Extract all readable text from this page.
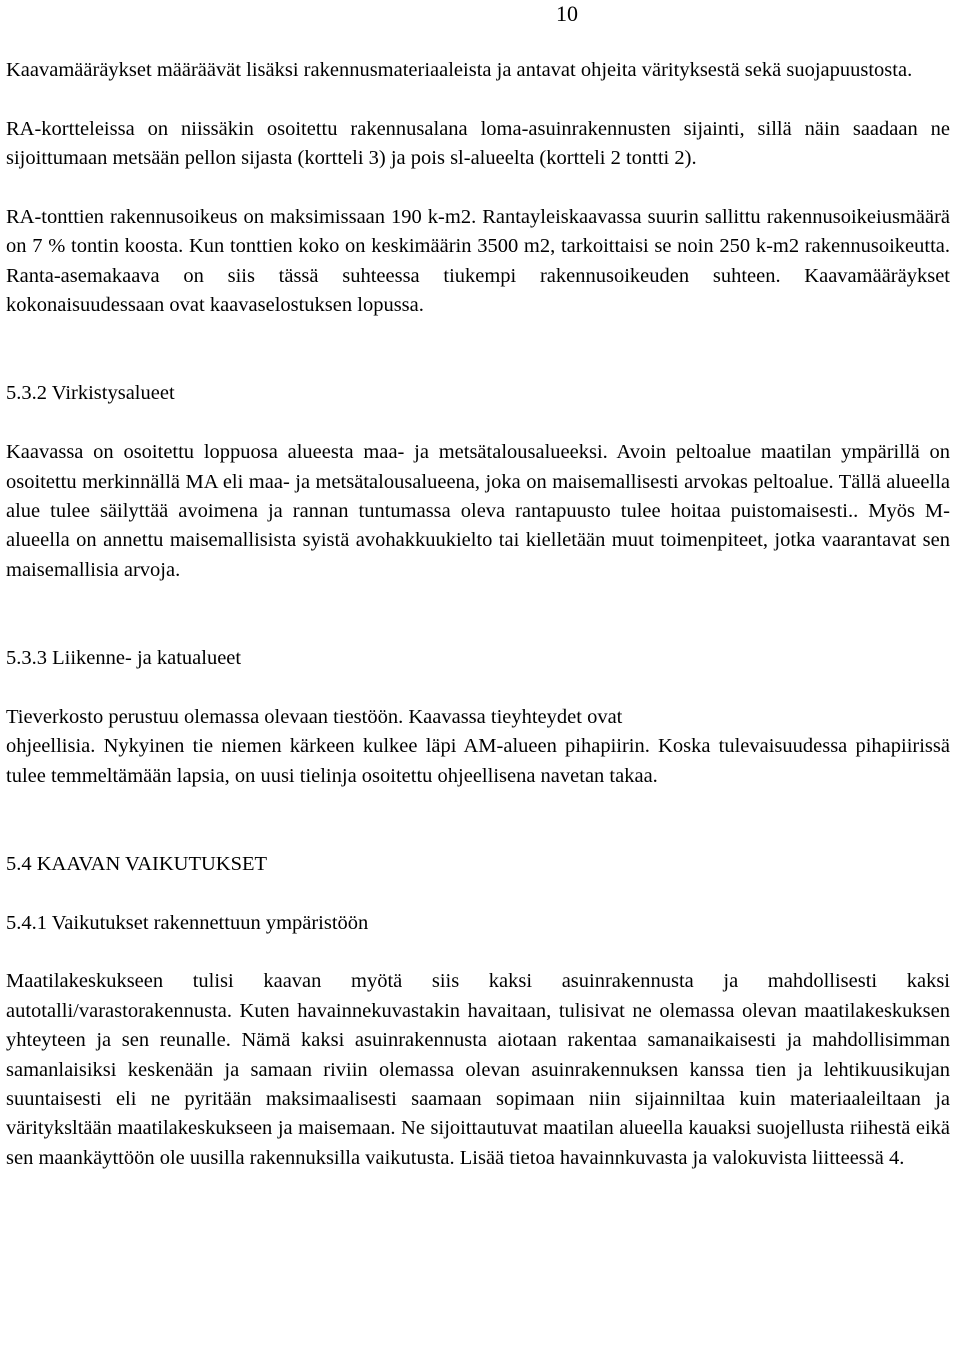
10

Kaavamääräykset määräävät lisäksi rakennusmateriaaleista ja antavat ohjeita värityksestä sekä suojapuustosta.

RA-kortteleissa on niissäkin osoitettu rakennusalana loma-asuinrakennusten sijainti, sillä näin saadaan ne sijoittumaan metsään pellon sijasta (kortteli 3) ja pois sl-alueelta (kortteli 2 tontti 2).

RA-tonttien rakennusoikeus on maksimissaan 190 k-m2. Rantayleiskaavassa suurin sallittu rakennusoikeiusmäärä on 7 % tontin koosta. Kun tonttien koko on keskimäärin 3500 m2, tarkoittaisi se noin 250 k-m2 rakennusoikeutta. Ranta-asemakaava on siis tässä suhteessa tiukempi rakennusoikeuden suhteen. Kaavamääräykset kokonaisuudessaan ovat kaavaselostuksen lopussa.

5.3.2 Virkistysalueet

Kaavassa on osoitettu loppuosa alueesta maa- ja metsätalousalueeksi. Avoin peltoalue maatilan ympärillä on osoitettu merkinnällä MA eli maa- ja metsätalousalueena, joka on maisemallisesti arvokas peltoalue. Tällä alueella alue tulee säilyttää avoimena ja rannan tuntumassa oleva rantapuusto tulee hoitaa puistomaisesti.. Myös M-alueella on annettu maisemallisista syistä avohakkuukielto tai kielletään muut toimenpiteet, jotka vaarantavat sen maisemallisia arvoja.

5.3.3 Liikenne- ja katualueet

Tieverkosto perustuu olemassa olevaan tiestöön. Kaavassa tieyhteydet ovat

ohjeellisia. Nykyinen tie niemen kärkeen kulkee läpi AM-alueen pihapiirin. Koska tulevaisuudessa pihapiirissä tulee temmeltämään lapsia, on uusi tielinja osoitettu ohjeellisena navetan takaa.

5.4 KAAVAN VAIKUTUKSET

5.4.1 Vaikutukset rakennettuun ympäristöön

Maatilakeskukseen tulisi kaavan myötä siis kaksi asuinrakennusta ja mahdollisesti kaksi autotalli/varastorakennusta. Kuten havainnekuvastakin havaitaan, tulisivat ne olemassa olevan maatilakeskuksen yhteyteen ja sen reunalle. Nämä kaksi asuinrakennusta aiotaan rakentaa samanaikaisesti ja mahdollisimman samanlaisiksi keskenään ja samaan riviin olemassa olevan asuinrakennuksen kanssa tien ja lehtikuusikujan suuntaisesti eli ne pyritään maksimaalisesti saamaan sopimaan niin sijainniltaa kuin materiaaleiltaan ja värityksltään maatilakeskukseen ja maisemaan. Ne sijoittautuvat maatilan alueella kauaksi suojellusta riihestä eikä sen maankäyttöön ole uusilla rakennuksilla vaikutusta. Lisää tietoa havainnkuvasta ja valokuvista liitteessä 4.
